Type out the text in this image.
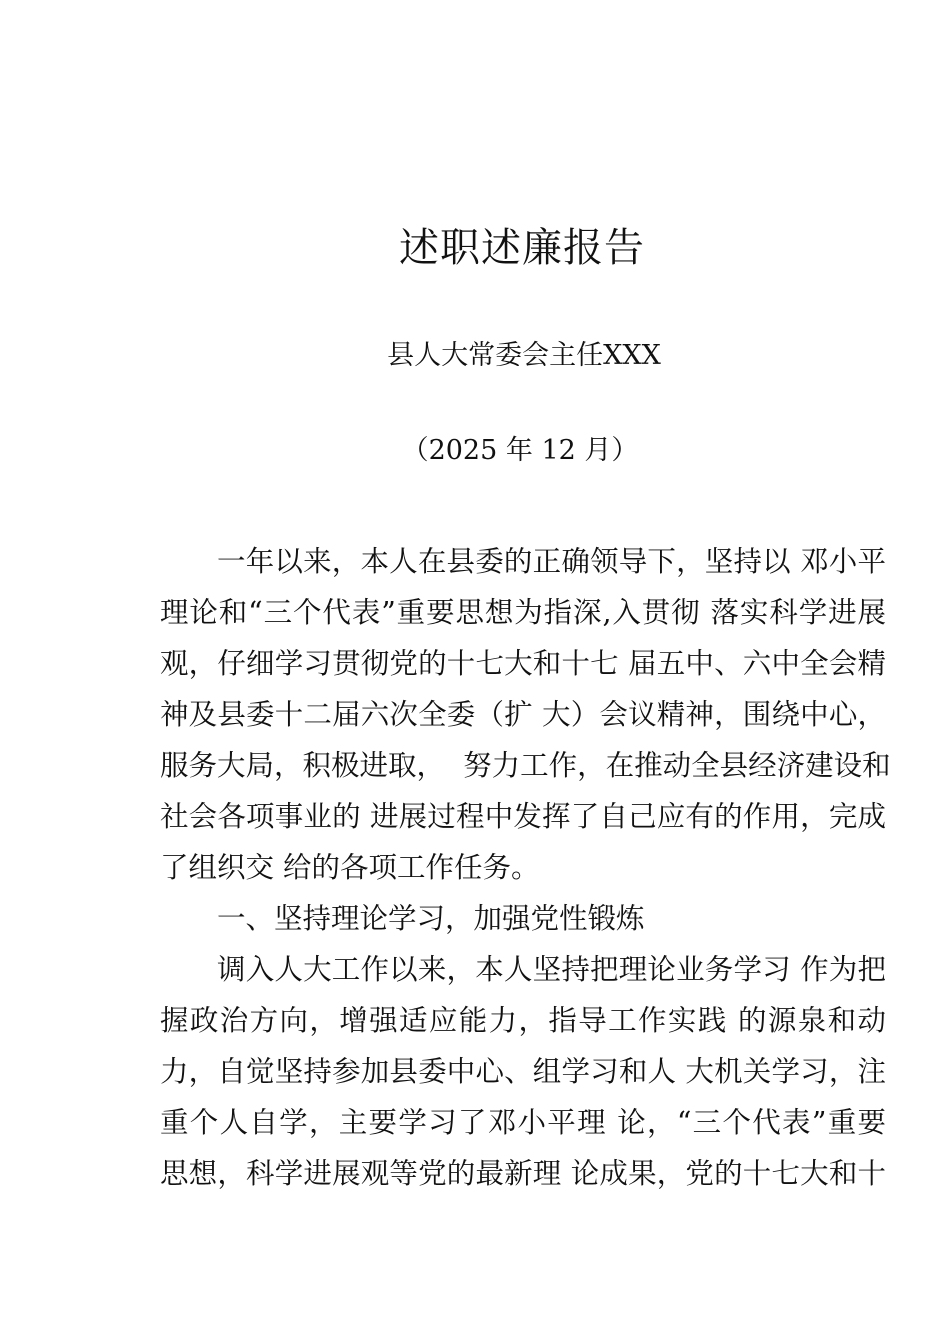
述职述廉报告
县人大常委会主任XXX
（2025 年 12 月）
一年以来，本人在县委的正确领导下，坚持以 邓小平
理论和“三个代表”重要思想为指深,入贯彻 落实科学进展
观，仔细学习贯彻党的十七大和十七 届五中、六中全会精
神及县委十二届六次全委（扩 大）会议精神，围绕中心，
服务大局，积极进取，  努力工作，在推动全县经济建设和
社会各项事业的 进展过程中发挥了自己应有的作用，完成
了组织交 给的各项工作任务。
一、坚持理论学习，加强党性锻炼
调入人大工作以来，本人坚持把理论业务学习 作为把
握政治方向，增强适应能力，指导工作实践 的源泉和动
力，自觉坚持参加县委中心、组学习和人 大机关学习，注
重个人自学，主要学习了邓小平理 论，“三个代表”重要
思想，科学进展观等党的最新理 论成果，党的十七大和十
